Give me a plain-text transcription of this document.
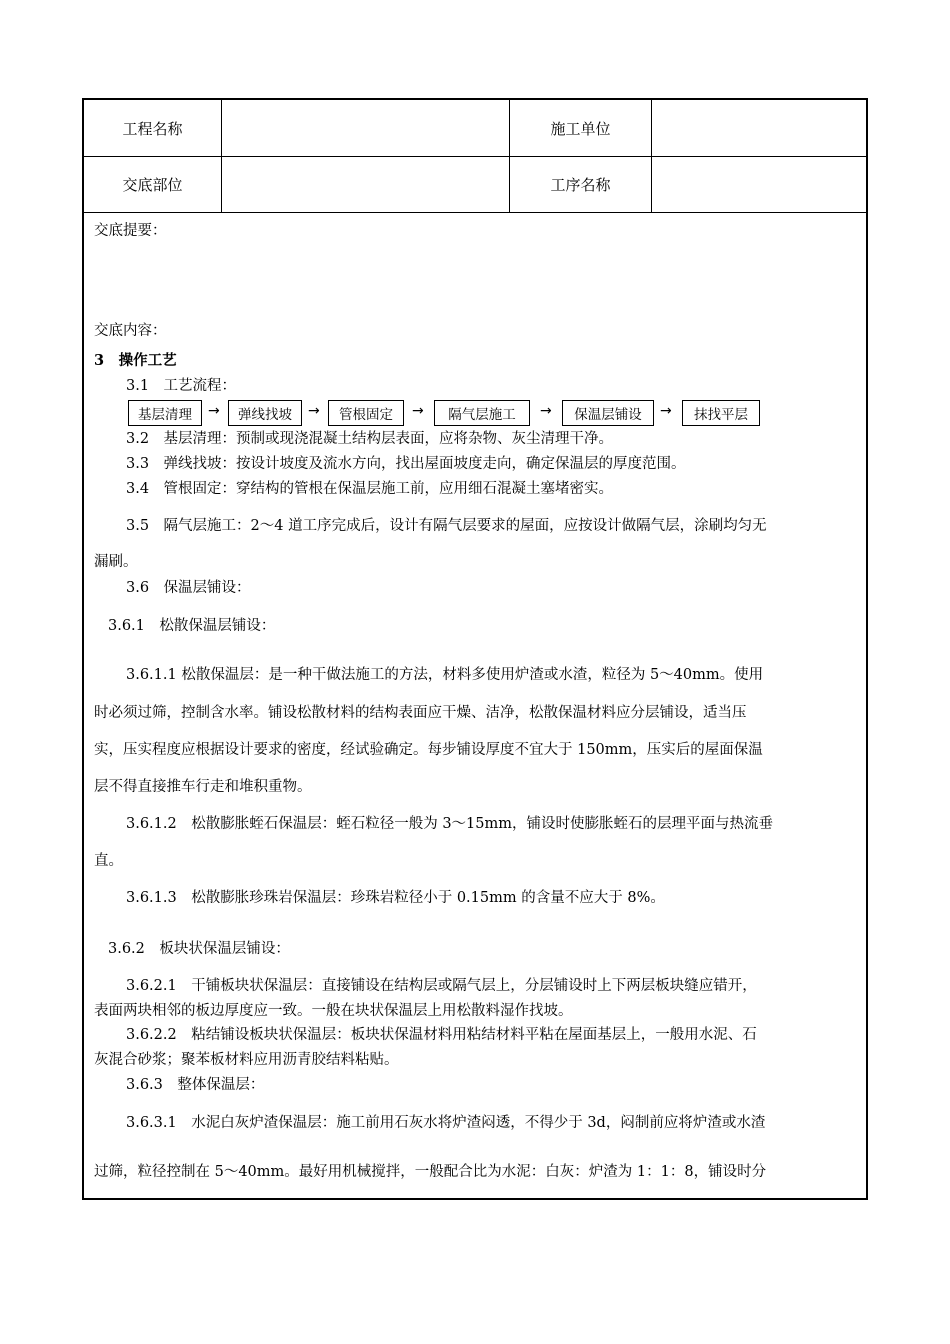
工程名称	施工单位
交底部位	工序名称
交底提要：
交底内容：
3　操作工艺
3.1　工艺流程：
基层清理	→	弹线找坡	→	管根固定	→	隔气层施工	→	保温层铺设	→	抹找平层
3.2　基层清理：预制或现浇混凝土结构层表面，应将杂物、灰尘清理干净。
3.3　弹线找坡：按设计坡度及流水方向，找出屋面坡度走向，确定保温层的厚度范围。
3.4　管根固定：穿结构的管根在保温层施工前，应用细石混凝土塞堵密实。
3.5　隔气层施工：2～4 道工序完成后，设计有隔气层要求的屋面，应按设计做隔气层，涂刷均匀无
漏刷。
3.6　保温层铺设：
3.6.1　松散保温层铺设：
3.6.1.1 松散保温层：是一种干做法施工的方法，材料多使用炉渣或水渣，粒径为 5～40mm。使用
时必须过筛，控制含水率。铺设松散材料的结构表面应干燥、洁净，松散保温材料应分层铺设，适当压
实，压实程度应根据设计要求的密度，经试验确定。每步铺设厚度不宜大于 150mm，压实后的屋面保温
层不得直接推车行走和堆积重物。
3.6.1.2　松散膨胀蛭石保温层：蛭石粒径一般为 3～15mm，铺设时使膨胀蛭石的层理平面与热流垂
直。
3.6.1.3　松散膨胀珍珠岩保温层：珍珠岩粒径小于 0.15mm 的含量不应大于 8%。
3.6.2　板块状保温层铺设：
3.6.2.1　干铺板块状保温层：直接铺设在结构层或隔气层上，分层铺设时上下两层板块缝应错开，
表面两块相邻的板边厚度应一致。一般在块状保温层上用松散料湿作找坡。
3.6.2.2　粘结铺设板块状保温层：板块状保温材料用粘结材料平粘在屋面基层上，一般用水泥、石
灰混合砂浆；聚苯板材料应用沥青胶结料粘贴。
3.6.3　整体保温层：
3.6.3.1　水泥白灰炉渣保温层：施工前用石灰水将炉渣闷透，不得少于 3d，闷制前应将炉渣或水渣
过筛，粒径控制在 5～40mm。最好用机械搅拌，一般配合比为水泥：白灰：炉渣为 1：1：8，铺设时分
